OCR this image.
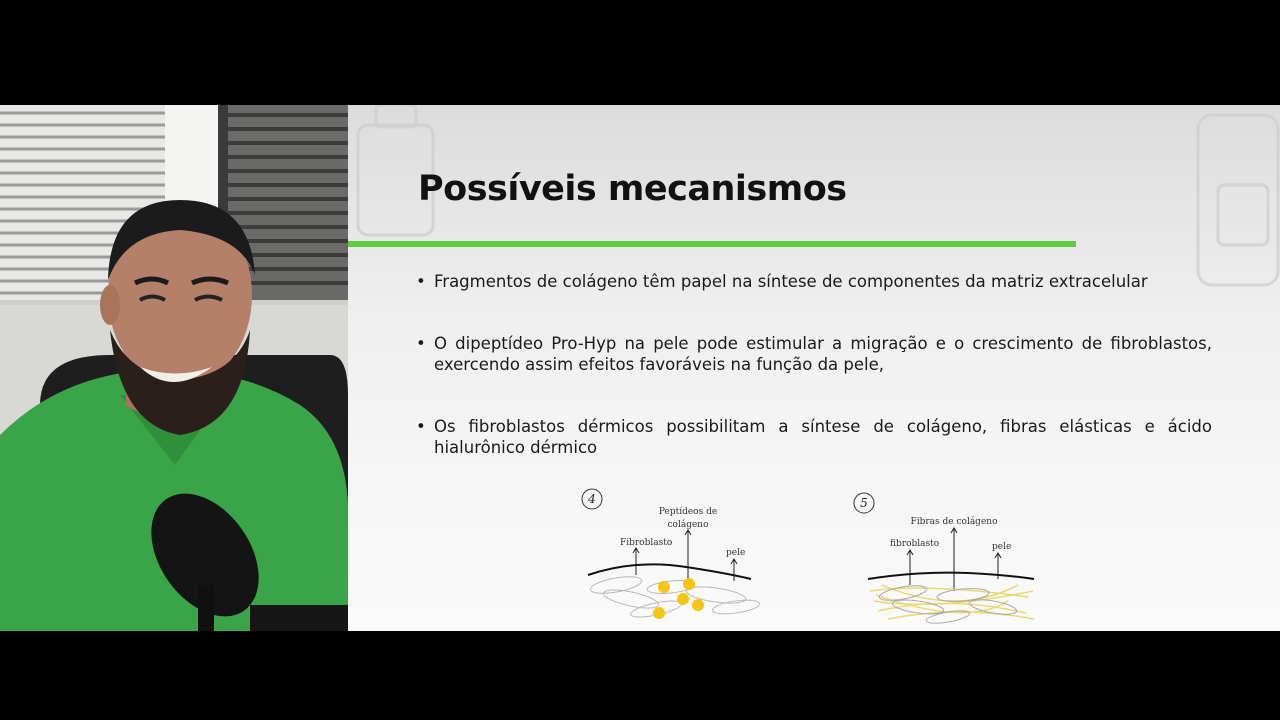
Possíveis mecanismos
• Fragmentos de colágeno têm papel na síntese de componentes da matriz extracelular
• O dipeptídeo Pro-Hyp na pele pode estimular a migração e o crescimento de fibroblastos, exercendo assim efeitos favoráveis na função da pele,
• Os fibroblastos dérmicos possibilitam a síntese de colágeno, fibras elásticas e ácido hialurônico dérmico
4
Peptídeos de
colágeno
Fibroblasto
pele
5
Fibras de colágeno
fibroblasto	pele
